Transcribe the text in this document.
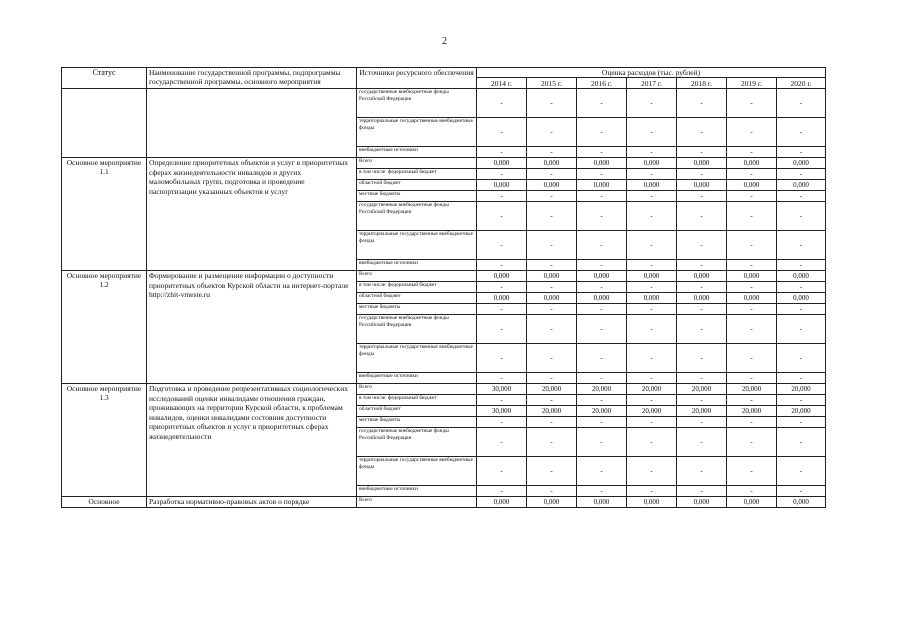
2
Статус	Наименование государственной программы, подпрограммы государственной программы, основного мероприятия	Источники ресурсного обеспечения	Оценка расходов (тыс. рублей)						
			2014 г.	2015 г.	2016 г.	2017 г.	2018 г.	2019 г.	2020 г.
		государственные внебюджетные фонды Российской Федерации	-	-	-	-	-	-	-
		территориальные государственные внебюджетные фонды	-	-	-	-	-	-	-
		внебюджетные источники	-	-	-	-	-	-	-
Основное мероприятие 1.1	Определение приоритетных объектов и услуг в приоритетных сферах жизнедеятельности инвалидов и других маломобильных групп, подготовка и проведение паспортизации указанных объектов и услуг	Всего	0,000	0,000	0,000	0,000	0,000	0,000	0,000
		в том числе: федеральный бюджет	-	-	-	-	-	-	-
		областной бюджет	0,000	0,000	0,000	0,000	0,000	0,000	0,000
		местные бюджеты	-	-	-	-	-	-	-
		государственные внебюджетные фонды Российской Федерации	-	-	-	-	-	-	-
		территориальные государственные внебюджетные фонды	-	-	-	-	-	-	-
		внебюджетные источники	-	-	-	-	-	-	-
Основное мероприятие 1.2	Формирование и размещение информации о доступности приоритетных объектов Курской области на интернет-портале http://zhit-vmeste.ru	Всего	0,000	0,000	0,000	0,000	0,000	0,000	0,000
		в том числе: федеральный бюджет	-	-	-	-	-	-	-
		областной бюджет	0,000	0,000	0,000	0,000	0,000	0,000	0,000
		местные бюджеты	-	-	-	-	-	-	-
		государственные внебюджетные фонды Российской Федерации	-	-	-	-	-	-	-
		территориальные государственные внебюджетные фонды	-	-	-	-	-	-	-
		внебюджетные источники	-	-	-	-	-	-	-
Основное мероприятие 1.3	Подготовка и проведение репрезентативных социологических исследований оценки инвалидами отношения граждан, проживающих на территории Курской области, к проблемам инвалидов, оценки инвалидами состояния доступности приоритетных объектов и услуг в приоритетных сферах жизнедеятельности	Всего	30,000	20,000	20,000	20,000	20,000	20,000	20,000
		в том числе: федеральный бюджет	-	-	-	-	-	-	-
		областной бюджет	30,000	20,000	20,000	20,000	20,000	20,000	20,000
		местные бюджеты	-	-	-	-	-	-	-
		государственные внебюджетные фонды Российской Федерации	-	-	-	-	-	-	-
		территориальные государственные внебюджетные фонды	-	-	-	-	-	-	-
		внебюджетные источники	-	-	-	-	-	-	-
Основное	Разработка нормативно-правовых актов о порядке	Всего	0,000	0,000	0,000	0,000	0,000	0,000	0,000
